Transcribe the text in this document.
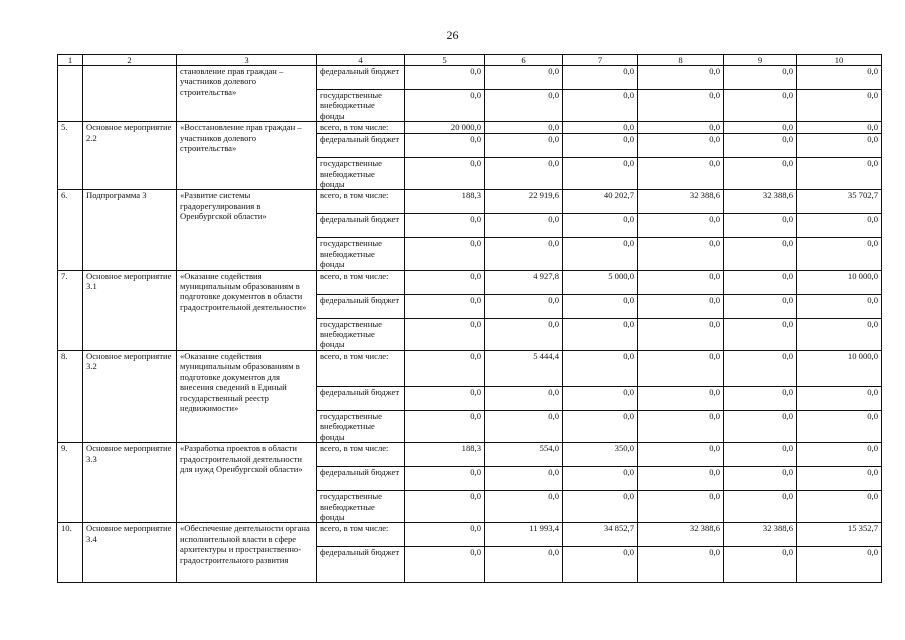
26
1	2	3	4	5	6	7	8	9	10
		становление прав граждан – участников долевого строительства»	федеральный бюджет	0,0	0,0	0,0	0,0	0,0	0,0
			государственные внебюджетные фонды	0,0	0,0	0,0	0,0	0,0	0,0
5.	Основное мероприятие 2.2	«Восстановление прав граждан – участников долевого строительства»	всего, в том числе:	20 000,0	0,0	0,0	0,0	0,0	0,0
			федеральный бюджет	0,0	0,0	0,0	0,0	0,0	0,0
			государственные внебюджетные фонды	0,0	0,0	0,0	0,0	0,0	0,0
6.	Подпрограмма 3	«Развитие системы градорегулирования в Оренбургской области»	всего, в том числе:	188,3	22 919,6	40 202,7	32 388,6	32 388,6	35 702,7
			федеральный бюджет	0,0	0,0	0,0	0,0	0,0	0,0
			государственные внебюджетные фонды	0,0	0,0	0,0	0,0	0,0	0,0
7.	Основное мероприятие 3.1	«Оказание содействия муниципальным образованиям в подготовке документов в области градостроительной деятельности»	всего, в том числе:	0,0	4 927,8	5 000,0	0,0	0,0	10 000,0
			федеральный бюджет	0,0	0,0	0,0	0,0	0,0	0,0
			государственные внебюджетные фонды	0,0	0,0	0,0	0,0	0,0	0,0
8.	Основное мероприятие 3.2	«Оказание содействия муниципальным образованиям в подготовке документов для внесения сведений в Единый государственный реестр недвижимости»	всего, в том числе:	0,0	5 444,4	0,0	0,0	0,0	10 000,0
			федеральный бюджет	0,0	0,0	0,0	0,0	0,0	0,0
			государственные внебюджетные фонды	0,0	0,0	0,0	0,0	0,0	0,0
9.	Основное мероприятие 3.3	«Разработка проектов в области градостроительной деятельности для нужд Оренбургской области»	всего, в том числе:	188,3	554,0	350,0	0,0	0,0	0,0
			федеральный бюджет	0,0	0,0	0,0	0,0	0,0	0,0
			государственные внебюджетные фонды	0,0	0,0	0,0	0,0	0,0	0,0
10.	Основное мероприятие 3.4	«Обеспечение деятельности органа исполнительной власти в сфере архитектуры и пространственно-градостроительного развития	всего, в том числе:	0,0	11 993,4	34 852,7	32 388,6	32 388,6	15 352,7
			федеральный бюджет	0,0	0,0	0,0	0,0	0,0	0,0
